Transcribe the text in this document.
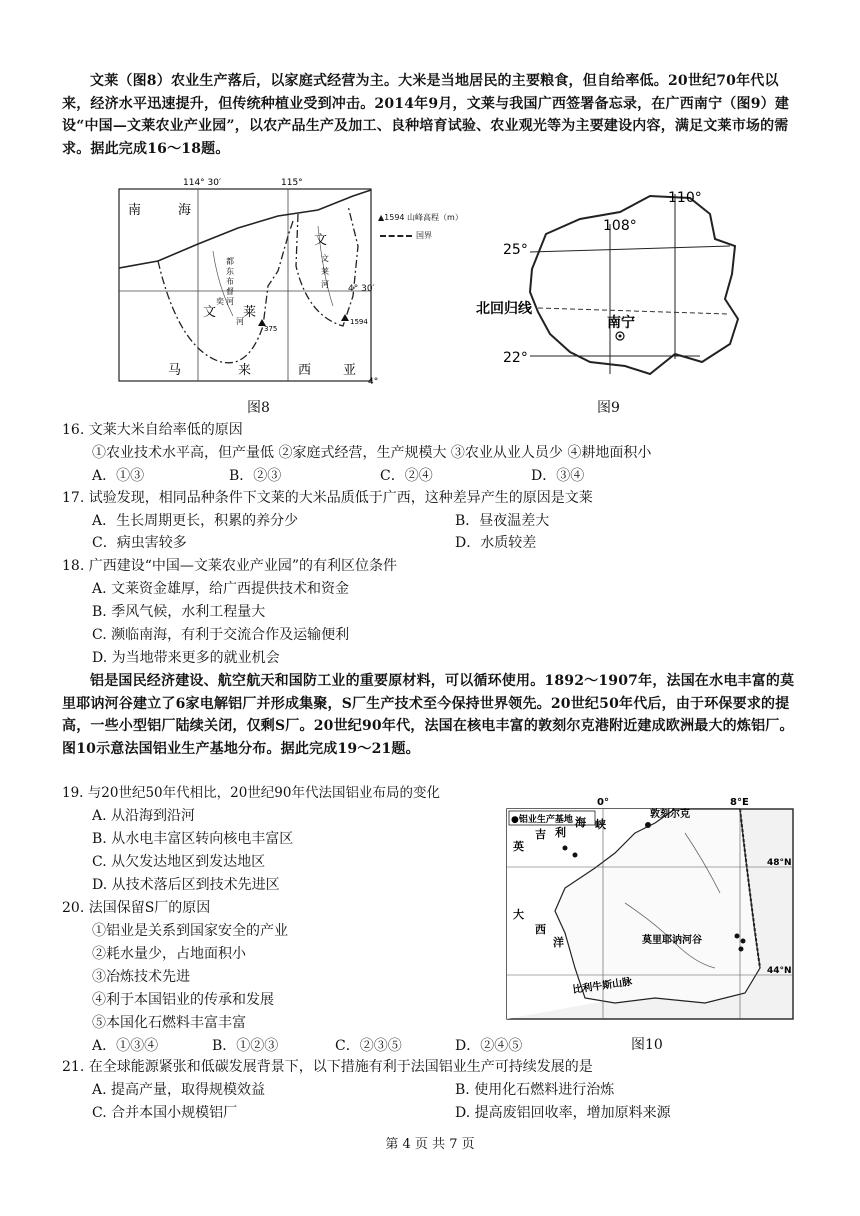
文莱（图8）农业生产落后，以家庭式经营为主。大米是当地居民的主要粮食，但自给率低。20世纪70年代以来，经济水平迅速提升，但传统种植业受到冲击。2014年9月，文莱与我国广西签署备忘录，在广西南宁（图9）建设“中国—文莱农业产业园”，以农产品生产及加工、良种培育试验、农业观光等为主要建设内容，满足文莱市场的需求。据此完成16～18题。
114° 30′	115°
4° 30′
4°
南	海
文 莱
文
马	来	西 亚
都
东
布
督
河
奕
河
文
莱
河
375
1594
▲1594 山峰高程（m）
国界
图8
110°
108°
25°
22°
北回归线
南宁
图9
16. 文莱大米自给率低的原因
①农业技术水平高，但产量低 ②家庭式经营，生产规模大 ③农业从业人员少 ④耕地面积小
A．①③	B．②③	C．②④	D．③④
17. 试验发现，相同品种条件下文莱的大米品质低于广西，这种差异产生的原因是文莱
A．生长周期更长，积累的养分少	B．昼夜温差大
C．病虫害较多	D．水质较差
18. 广西建设“中国—文莱农业产业园”的有利区位条件
A. 文莱资金雄厚，给广西提供技术和资金
B. 季风气候，水利工程量大
C. 濒临南海，有利于交流合作及运输便利
D. 为当地带来更多的就业机会
铝是国民经济建设、航空航天和国防工业的重要原材料，可以循环使用。1892～1907年，法国在水电丰富的莫里耶讷河谷建立了6家电解铝厂并形成集聚，S厂生产技术至今保持世界领先。20世纪50年代后，由于环保要求的提高，一些小型铝厂陆续关闭，仅剩S厂。20世纪90年代，法国在核电丰富的敦刻尔克港附近建成欧洲最大的炼铝厂。图10示意法国铝业生产基地分布。据此完成19～21题。
19. 与20世纪50年代相比，20世纪90年代法国铝业布局的变化
A. 从沿海到沿河
B. 从水电丰富区转向核电丰富区
C. 从欠发达地区到发达地区
D. 从技术落后区到技术先进区
20. 法国保留S厂的原因
①铝业是关系到国家安全的产业
②耗水量少，占地面积小
③冶炼技术先进
④利于本国铝业的传承和发展
⑤本国化石燃料丰富丰富
A．①③④	B．①②③	C．②③⑤	D．②④⑤
●铝业生产基地
0°	8°E
48°N
44°N
敦刻尔克
莫里耶讷河谷
英
吉 利
海 峡
大
西
洋
比利牛斯山脉
图10
21. 在全球能源紧张和低碳发展背景下，以下措施有利于法国铝业生产可持续发展的是
A. 提高产量，取得规模效益	B. 使用化石燃料进行治炼
C. 合并本国小规模铝厂	D. 提高废铝回收率，增加原料来源
第 4 页 共 7 页
